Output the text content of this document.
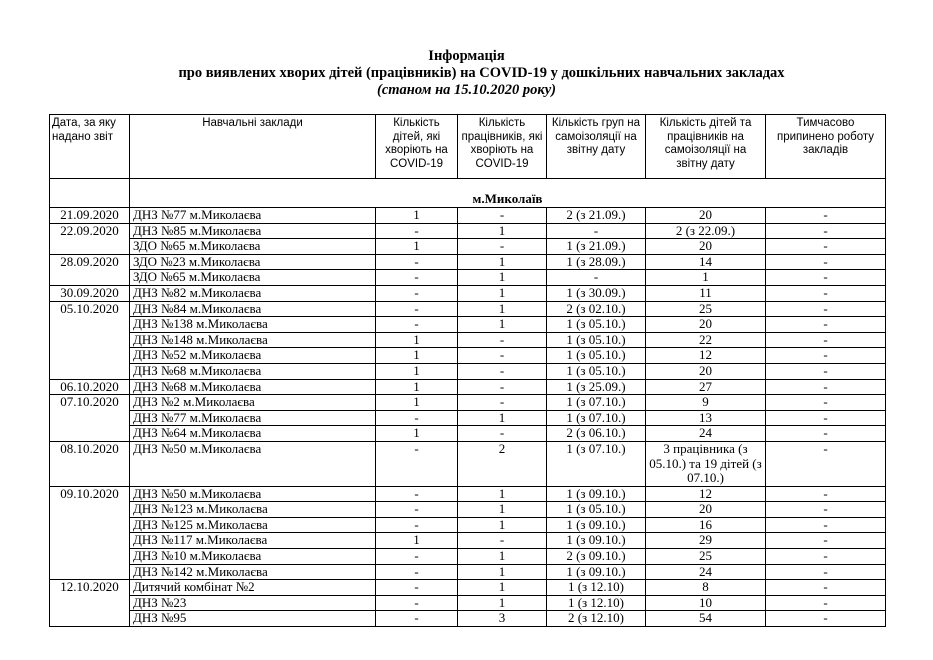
Інформація
про виявлених хворих дітей (працівників) на COVID-19 у дошкільних навчальних закладах
(станом на 15.10.2020 року)
Дата, за яку надано звіт	Навчальні заклади	Кількість дітей, які хворіють на COVID-19	Кількість працівників, які хворіють на COVID-19	Кількість груп на самоізоляції на звітну дату	Кількість дітей та працівників на самоізоляції на звітну дату	Тимчасово припинено роботу закладів
	м.Миколаїв					
21.09.2020	ДНЗ №77 м.Миколаєва	1	-	2 (з 21.09.)	20	-
22.09.2020	ДНЗ №85 м.Миколаєва	-	1	-	2 (з 22.09.)	-
	ЗДО №65 м.Миколаєва	1	-	1 (з 21.09.)	20	-
28.09.2020	ЗДО №23 м.Миколаєва	-	1	1 (з 28.09.)	14	-
	ЗДО №65 м.Миколаєва	-	1	-	1	-
30.09.2020	ДНЗ №82 м.Миколаєва	-	1	1 (з 30.09.)	11	-
05.10.2020	ДНЗ №84 м.Миколаєва	-	1	2 (з 02.10.)	25	-
	ДНЗ №138 м.Миколаєва	-	1	1 (з 05.10.)	20	-
	ДНЗ №148 м.Миколаєва	1	-	1 (з 05.10.)	22	-
	ДНЗ №52 м.Миколаєва	1	-	1 (з 05.10.)	12	-
	ДНЗ №68 м.Миколаєва	1	-	1 (з 05.10.)	20	-
06.10.2020	ДНЗ №68 м.Миколаєва	1	-	1 (з 25.09.)	27	-
07.10.2020	ДНЗ №2 м.Миколаєва	1	-	1 (з 07.10.)	9	-
	ДНЗ №77 м.Миколаєва	-	1	1 (з 07.10.)	13	-
	ДНЗ №64 м.Миколаєва	1	-	2 (з 06.10.)	24	-
08.10.2020	ДНЗ №50 м.Миколаєва	-	2	1 (з 07.10.)	3 працівника (з 05.10.) та 19 дітей (з 07.10.)	-
09.10.2020	ДНЗ №50 м.Миколаєва	-	1	1 (з 09.10.)	12	-
	ДНЗ №123 м.Миколаєва	-	1	1 (з 05.10.)	20	-
	ДНЗ №125 м.Миколаєва	-	1	1 (з 09.10.)	16	-
	ДНЗ №117 м.Миколаєва	1	-	1 (з 09.10.)	29	-
	ДНЗ №10 м.Миколаєва	-	1	2 (з 09.10.)	25	-
	ДНЗ №142 м.Миколаєва	-	1	1 (з 09.10.)	24	-
12.10.2020	Дитячий комбінат №2	-	1	1 (з 12.10)	8	-
	ДНЗ №23	-	1	1 (з 12.10)	10	-
	ДНЗ №95	-	3	2 (з 12.10)	54	-
